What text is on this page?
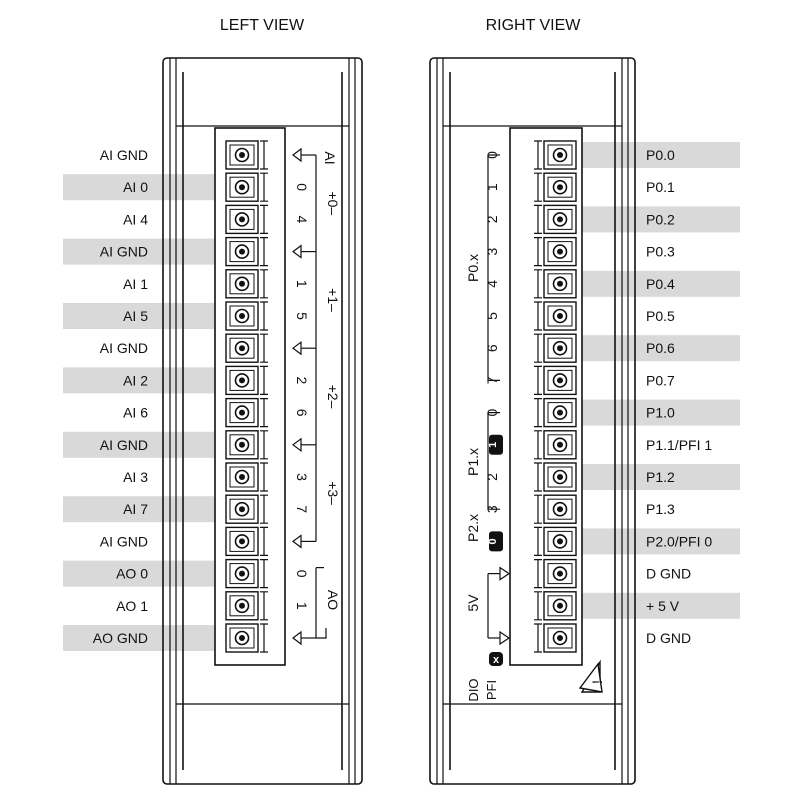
LEFT VIEW	RIGHT VIEW
AI GND
AI 0
AI 4
AI GND
AI 1
AI 5
AI GND
AI 2
AI 6
AI GND
AI 3
AI 7
AI GND
AO 0
AO 1
AO GND
P0.0
P0.1
P0.2
P0.3
P0.4
P0.5
P0.6
P0.7
P1.0
P1.1/PFI 1
P1.2
P1.3
P2.0/PFI 0
D GND
+ 5 V
D GND
AI
AO
0
4
1
5
2
6
3
7
+0–
+1–
+2–
+3–
0
1
P0.x
P1.x
P2.x
5V
0
1
2
3
4
5
6
7
0
2
3
1
0
DIO PFI
x
!
